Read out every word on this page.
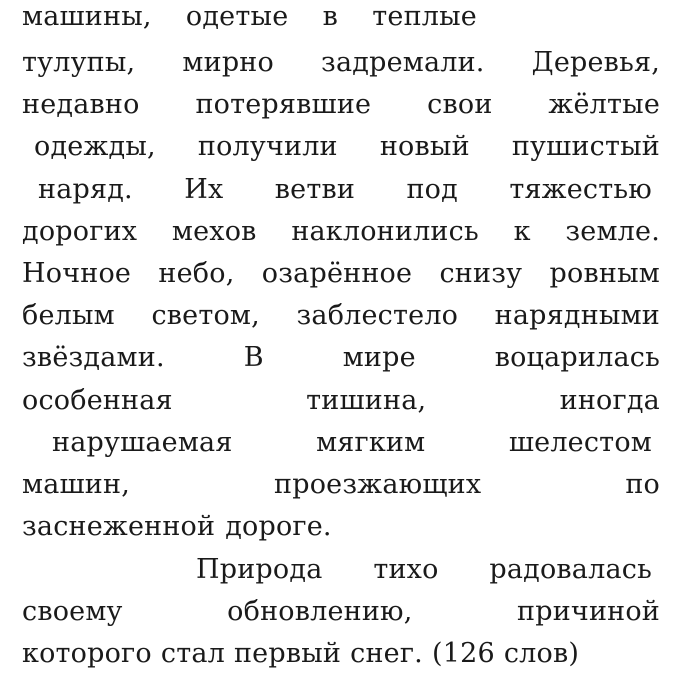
машины, одетые в теплые
тулупы, мирно задремали. Деревья,
недавно потерявшие свои жёлтые
одежды, получили новый пушистый
наряд. Их ветви под тяжестью
дорогих мехов наклонились к земле.
Ночное небо, озарённое снизу ровным
белым светом, заблестело нарядными
звёздами.	В	мире	воцарилась
особенная	тишина,	иногда
нарушаемая	мягким	шелестом
машин,	проезжающих	по
заснеженной дороге.
Природа тихо радовалась
своему	обновлению,	причиной
которого стал первый снег. (126 слов)
